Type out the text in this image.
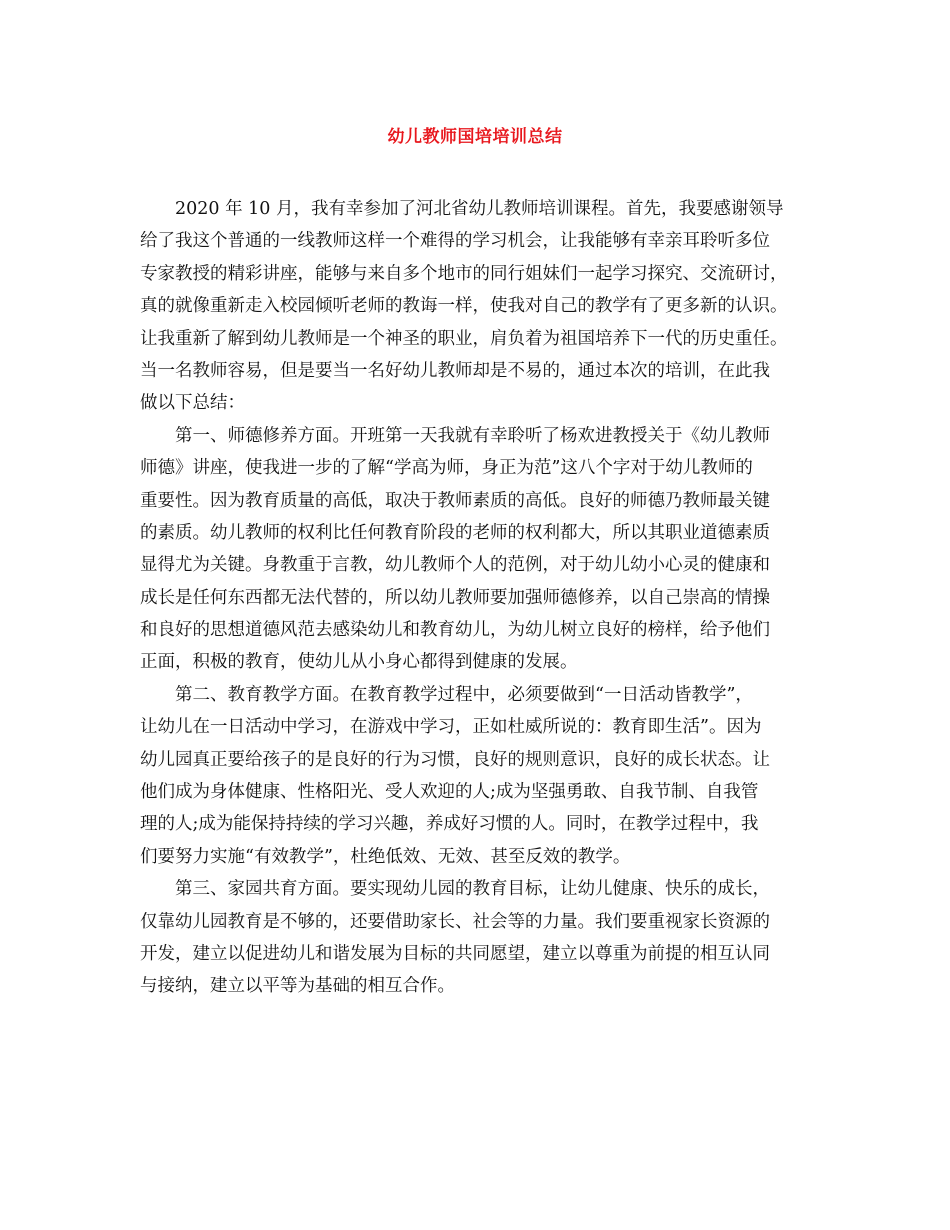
幼儿教师国培培训总结
2020 年 10 月，我有幸参加了河北省幼儿教师培训课程。首先，我要感谢领导
给了我这个普通的一线教师这样一个难得的学习机会，让我能够有幸亲耳聆听多位
专家教授的精彩讲座，能够与来自多个地市的同行姐妹们一起学习探究、交流研讨，
真的就像重新走入校园倾听老师的教诲一样，使我对自己的教学有了更多新的认识。
让我重新了解到幼儿教师是一个神圣的职业，肩负着为祖国培养下一代的历史重任。
当一名教师容易，但是要当一名好幼儿教师却是不易的，通过本次的培训，在此我
做以下总结：
第一、师德修养方面。开班第一天我就有幸聆听了杨欢进教授关于《幼儿教师
师德》讲座，使我进一步的了解“学高为师，身正为范”这八个字对于幼儿教师的
重要性。因为教育质量的高低，取决于教师素质的高低。良好的师德乃教师最关键
的素质。幼儿教师的权利比任何教育阶段的老师的权利都大，所以其职业道德素质
显得尤为关键。身教重于言教，幼儿教师个人的范例，对于幼儿幼小心灵的健康和
成长是任何东西都无法代替的，所以幼儿教师要加强师德修养，以自己崇高的情操
和良好的思想道德风范去感染幼儿和教育幼儿，为幼儿树立良好的榜样，给予他们
正面，积极的教育，使幼儿从小身心都得到健康的发展。
第二、教育教学方面。在教育教学过程中，必须要做到“一日活动皆教学”，
让幼儿在一日活动中学习，在游戏中学习，正如杜威所说的：教育即生活”。因为
幼儿园真正要给孩子的是良好的行为习惯，良好的规则意识，良好的成长状态。让
他们成为身体健康、性格阳光、受人欢迎的人;成为坚强勇敢、自我节制、自我管
理的人;成为能保持持续的学习兴趣，养成好习惯的人。同时，在教学过程中，我
们要努力实施“有效教学”，杜绝低效、无效、甚至反效的教学。
第三、家园共育方面。要实现幼儿园的教育目标，让幼儿健康、快乐的成长，
仅靠幼儿园教育是不够的，还要借助家长、社会等的力量。我们要重视家长资源的
开发，建立以促进幼儿和谐发展为目标的共同愿望，建立以尊重为前提的相互认同
与接纳，建立以平等为基础的相互合作。
